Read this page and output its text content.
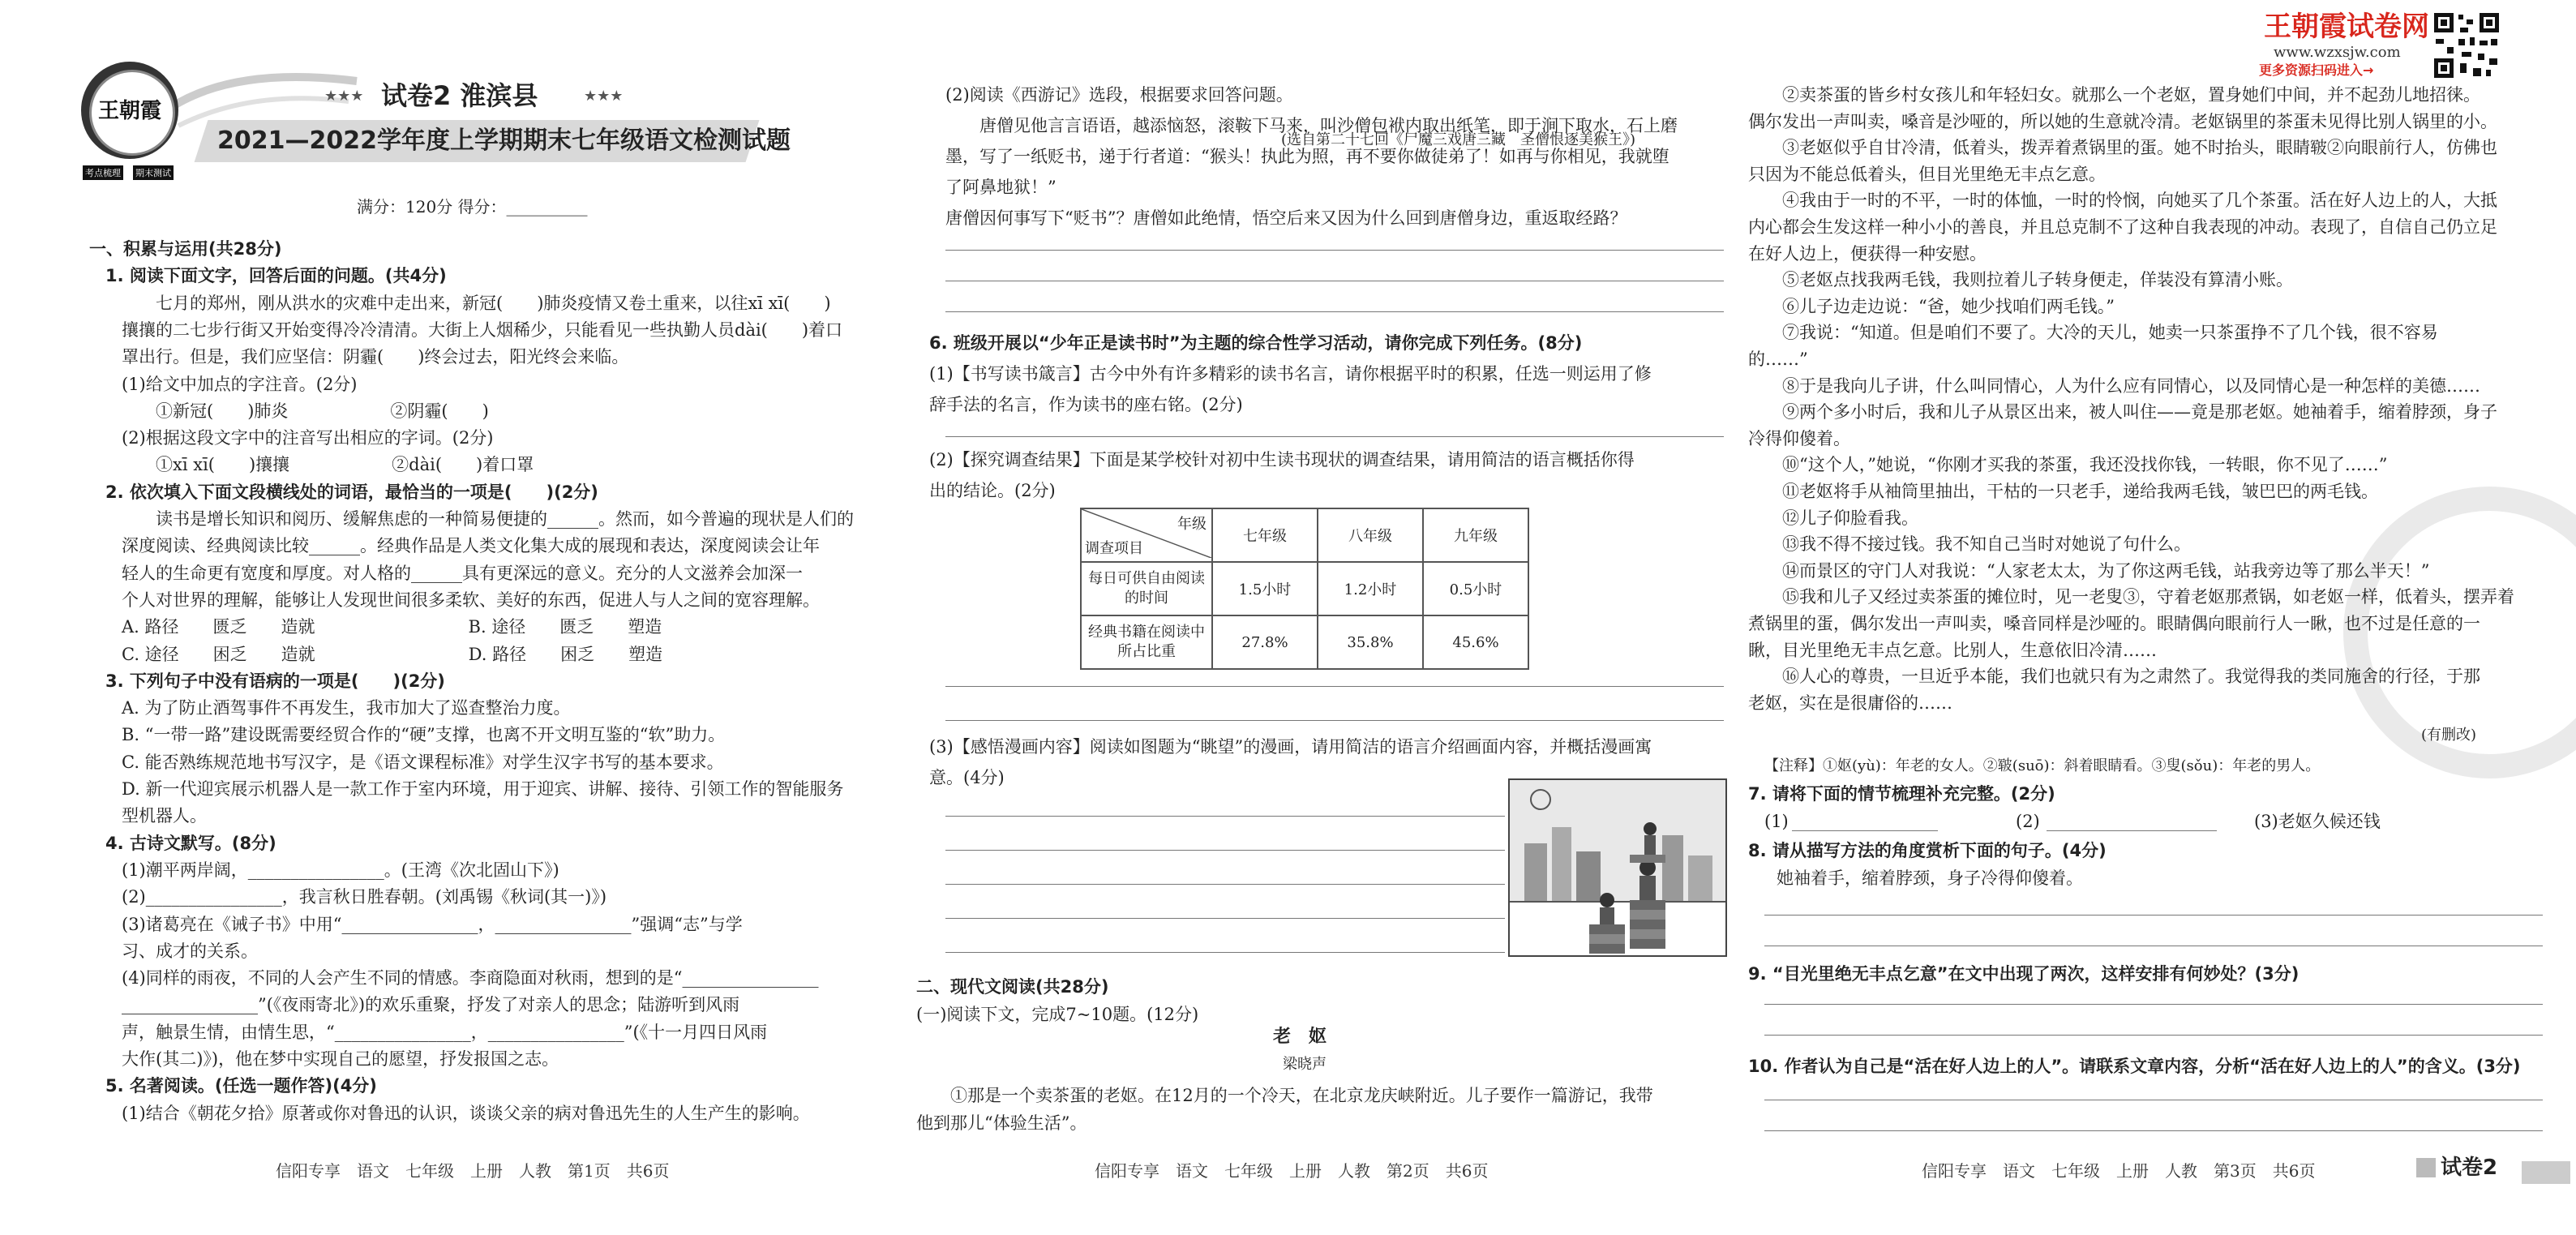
王朝霞
考点梳理 期末测试
★★★ 试卷2 淮滨县	★★★
2021—2022学年度上学期期末七年级语文检测试题
满分：120分 得分：__________
一、积累与运用(共28分)
1. 阅读下面文字，回答后面的问题。(共4分)
　　七月的郑州，刚从洪水的灾难中走出来，新冠(　　)肺炎疫情又卷土重来，以往xī xī(　　)
攘攘的二七步行街又开始变得冷冷清清。大街上人烟稀少，只能看见一些执勤人员dài(　　)着口
罩出行。但是，我们应坚信：阴霾(　　)终会过去，阳光终会来临。
(1)给文中加点的字注音。(2分)
　　①新冠(　　)肺炎　　　　　　②阴霾(　　)
(2)根据这段文字中的注音写出相应的字词。(2分)
　　①xī xī(　　)攘攘　　　　　　②dài(　　)着口罩
2. 依次填入下面文段横线处的词语，最恰当的一项是(　　)(2分)
　　读书是增长知识和阅历、缓解焦虑的一种简易便捷的______。然而，如今普遍的现状是人们的
深度阅读、经典阅读比较______。经典作品是人类文化集大成的展现和表达，深度阅读会让年
轻人的生命更有宽度和厚度。对人格的______具有更深远的意义。充分的人文滋养会加深一
个人对世界的理解，能够让人发现世间很多柔软、美好的东西，促进人与人之间的宽容理解。
A. 路径　　匮乏　　造就　　　　　　　　　B. 途径　　匮乏　　塑造
C. 途径　　困乏　　造就　　　　　　　　　D. 路径　　困乏　　塑造
3. 下列句子中没有语病的一项是(　　)(2分)
A. 为了防止酒驾事件不再发生，我市加大了巡查整治力度。
B. “一带一路”建设既需要经贸合作的“硬”支撑，也离不开文明互鉴的“软”助力。
C. 能否熟练规范地书写汉字，是《语文课程标准》对学生汉字书写的基本要求。
D. 新一代迎宾展示机器人是一款工作于室内环境，用于迎宾、讲解、接待、引领工作的智能服务
型机器人。
4. 古诗文默写。(8分)
(1)潮平两岸阔，________________。(王湾《次北固山下》)
(2)________________，我言秋日胜春朝。(刘禹锡《秋词(其一)》)
(3)诸葛亮在《诫子书》中用“________________，________________”强调“志”与学
习、成才的关系。
(4)同样的雨夜，不同的人会产生不同的情感。李商隐面对秋雨，想到的是“________________
________________”(《夜雨寄北》)的欢乐重聚，抒发了对亲人的思念；陆游听到风雨
声，触景生情，由情生思，“________________，________________”(《十一月四日风雨
大作(其二)》)，他在梦中实现自己的愿望，抒发报国之志。
5. 名著阅读。(任选一题作答)(4分)
(1)结合《朝花夕拾》原著或你对鲁迅的认识，谈谈父亲的病对鲁迅先生的人生产生的影响。
信阳专享　语文　七年级　上册　人教　第1页　共6页
(2)阅读《西游记》选段，根据要求回答问题。
　　唐僧见他言言语语，越添恼怒，滚鞍下马来，叫沙僧包袱内取出纸笔，即于涧下取水，石上磨
墨，写了一纸贬书，递于行者道：“猴头！执此为照，再不要你做徒弟了！如再与你相见，我就堕
了阿鼻地狱！”
唐僧因何事写下“贬书”？唐僧如此绝情，悟空后来又因为什么回到唐僧身边，重返取经路？
(选自第二十七回《尸魔三戏唐三藏　圣僧恨逐美猴王》)
6. 班级开展以“少年正是读书时”为主题的综合性学习活动，请你完成下列任务。(8分)
(1)【书写读书箴言】古今中外有许多精彩的读书名言，请你根据平时的积累，任选一则运用了修
辞手法的名言，作为读书的座右铭。(2分)
(2)【探究调查结果】下面是某学校针对初中生读书现状的调查结果，请用简洁的语言概括你得
出的结论。(2分)
年级
调查项目	七年级	八年级	九年级
每日可供自由阅读的时间	1.5小时	1.2小时	0.5小时
经典书籍在阅读中所占比重	27.8%	35.8%	45.6%
(3)【感悟漫画内容】阅读如图题为“眺望”的漫画，请用简洁的语言介绍画面内容，并概括漫画寓
意。(4分)
二、现代文阅读(共28分)
(一)阅读下文，完成7~10题。(12分)
老　妪
梁晓声
　　①那是一个卖茶蛋的老妪。在12月的一个冷天，在北京龙庆峡附近。儿子要作一篇游记，我带
他到那儿“体验生活”。
信阳专享　语文　七年级　上册　人教　第2页　共6页
王朝霞试卷网
www.wzxsjw.com
更多资源扫码进入→
　　②卖茶蛋的皆乡村女孩儿和年轻妇女。就那么一个老妪，置身她们中间，并不起劲儿地招徕。
偶尔发出一声叫卖，嗓音是沙哑的，所以她的生意就冷清。老妪锅里的茶蛋未见得比别人锅里的小。
　　③老妪似乎自甘冷清，低着头，拨弄着煮锅里的蛋。她不时抬头，眼睛皲②向眼前行人，仿佛也
只因为不能总低着头，但目光里绝无丰点乞意。
　　④我由于一时的不平，一时的体恤，一时的怜悯，向她买了几个茶蛋。活在好人边上的人，大抵
内心都会生发这样一种小小的善良，并且总克制不了这种自我表现的冲动。表现了，自信自己仍立足
在好人边上，便获得一种安慰。
　　⑤老妪点找我两毛钱，我则拉着儿子转身便走，佯装没有算清小账。
　　⑥儿子边走边说：“爸，她少找咱们两毛钱。”
　　⑦我说：“知道。但是咱们不要了。大冷的天儿，她卖一只茶蛋挣不了几个钱，很不容易
的……”
　　⑧于是我向儿子讲，什么叫同情心，人为什么应有同情心，以及同情心是一种怎样的美德……
　　⑨两个多小时后，我和儿子从景区出来，被人叫住——竟是那老妪。她袖着手，缩着脖颈，身子
冷得仰傻着。
　　⑩“这个人，”她说，“你刚才买我的茶蛋，我还没找你钱，一转眼，你不见了……”
　　⑪老妪将手从袖筒里抽出，干枯的一只老手，递给我两毛钱，皱巴巴的两毛钱。
　　⑫儿子仰脸看我。
　　⑬我不得不接过钱。我不知自己当时对她说了句什么。
　　⑭而景区的守门人对我说：“人家老太太，为了你这两毛钱，站我旁边等了那么半天！”
　　⑮我和儿子又经过卖茶蛋的摊位时，见一老叟③，守着老妪那煮锅，如老妪一样，低着头，摆弄着
煮锅里的蛋，偶尔发出一声叫卖，嗓音同样是沙哑的。眼睛偶向眼前行人一瞅，也不过是任意的一
瞅，目光里绝无丰点乞意。比别人，生意依旧冷清……
　　⑯人心的尊贵，一旦近乎本能，我们也就只有为之肃然了。我觉得我的类同施舍的行径，于那
老妪，实在是很庸俗的……
(有删改)
【注释】①妪(yù)：年老的女人。②皲(suō)：斜着眼睛看。③叟(sǒu)：年老的男人。
7. 请将下面的情节梳理补充完整。(2分)
(1)	(2)	(3)老妪久候还钱
8. 请从描写方法的角度赏析下面的句子。(4分)
　她袖着手，缩着脖颈，身子冷得仰傻着。
9. “目光里绝无丰点乞意”在文中出现了两次，这样安排有何妙处？(3分)
10. 作者认为自己是“活在好人边上的人”。请联系文章内容，分析“活在好人边上的人”的含义。(3分)
信阳专享　语文　七年级　上册　人教　第3页　共6页	试卷2
